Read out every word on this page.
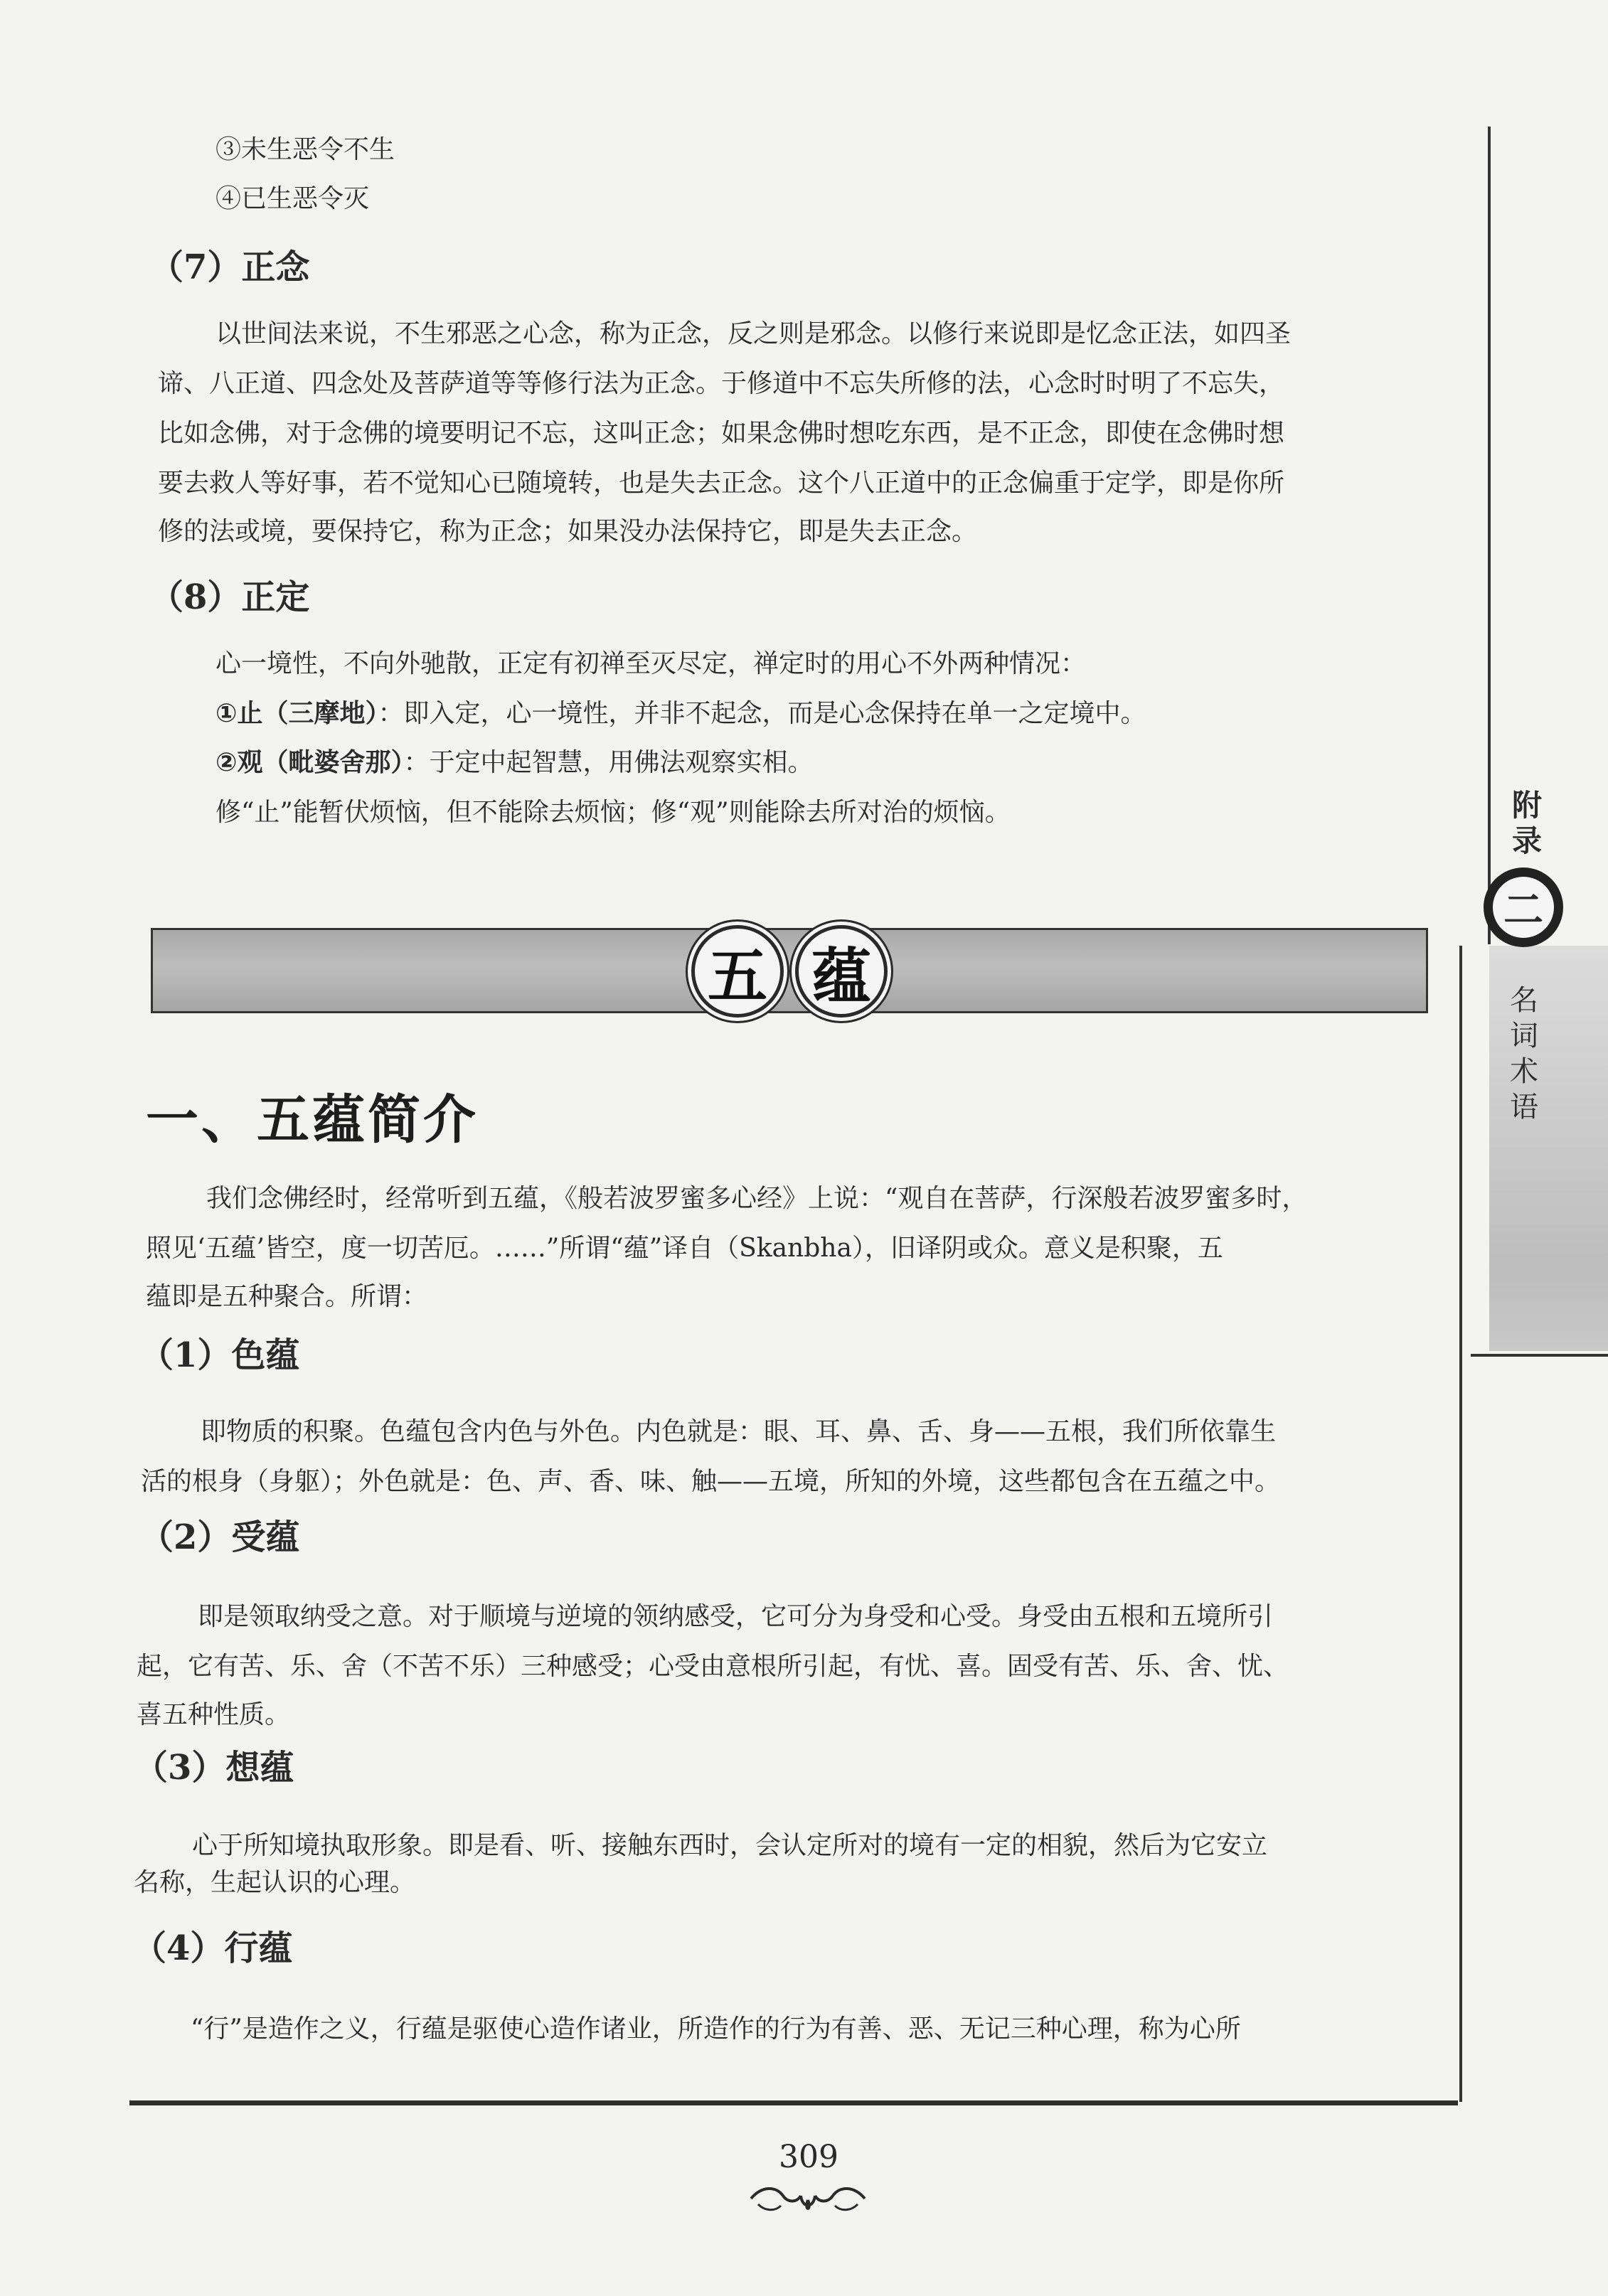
附录
二
名词术语
③未生恶令不生
④已生恶令灭
（7）正念
以世间法来说，不生邪恶之心念，称为正念，反之则是邪念。以修行来说即是忆念正法，如四圣
谛、八正道、四念处及菩萨道等等修行法为正念。于修道中不忘失所修的法，心念时时明了不忘失，
比如念佛，对于念佛的境要明记不忘，这叫正念；如果念佛时想吃东西，是不正念，即使在念佛时想
要去救人等好事，若不觉知心已随境转，也是失去正念。这个八正道中的正念偏重于定学，即是你所
修的法或境，要保持它，称为正念；如果没办法保持它，即是失去正念。
（8）正定
心一境性，不向外驰散，正定有初禅至灭尽定，禅定时的用心不外两种情况：
①止（三摩地）：即入定，心一境性，并非不起念，而是心念保持在单一之定境中。
②观（毗婆舍那）：于定中起智慧，用佛法观察实相。
修“止”能暂伏烦恼，但不能除去烦恼；修“观”则能除去所对治的烦恼。
五 蕴
一、五蕴简介
我们念佛经时，经常听到五蕴，《般若波罗蜜多心经》上说：“观自在菩萨，行深般若波罗蜜多时，
照见‘五蕴’皆空，度一切苦厄。……”所谓“蕴”译自（Skanbha），旧译阴或众。意义是积聚，五
蕴即是五种聚合。所谓：
（1）色蕴
即物质的积聚。色蕴包含内色与外色。内色就是：眼、耳、鼻、舌、身——五根，我们所依靠生
活的根身（身躯）；外色就是：色、声、香、味、触——五境，所知的外境，这些都包含在五蕴之中。
（2）受蕴
即是领取纳受之意。对于顺境与逆境的领纳感受，它可分为身受和心受。身受由五根和五境所引
起，它有苦、乐、舍（不苦不乐）三种感受；心受由意根所引起，有忧、喜。固受有苦、乐、舍、忧、
喜五种性质。
（3）想蕴
心于所知境执取形象。即是看、听、接触东西时，会认定所对的境有一定的相貌，然后为它安立
名称，生起认识的心理。
（4）行蕴
“行”是造作之义，行蕴是驱使心造作诸业，所造作的行为有善、恶、无记三种心理，称为心所
309
